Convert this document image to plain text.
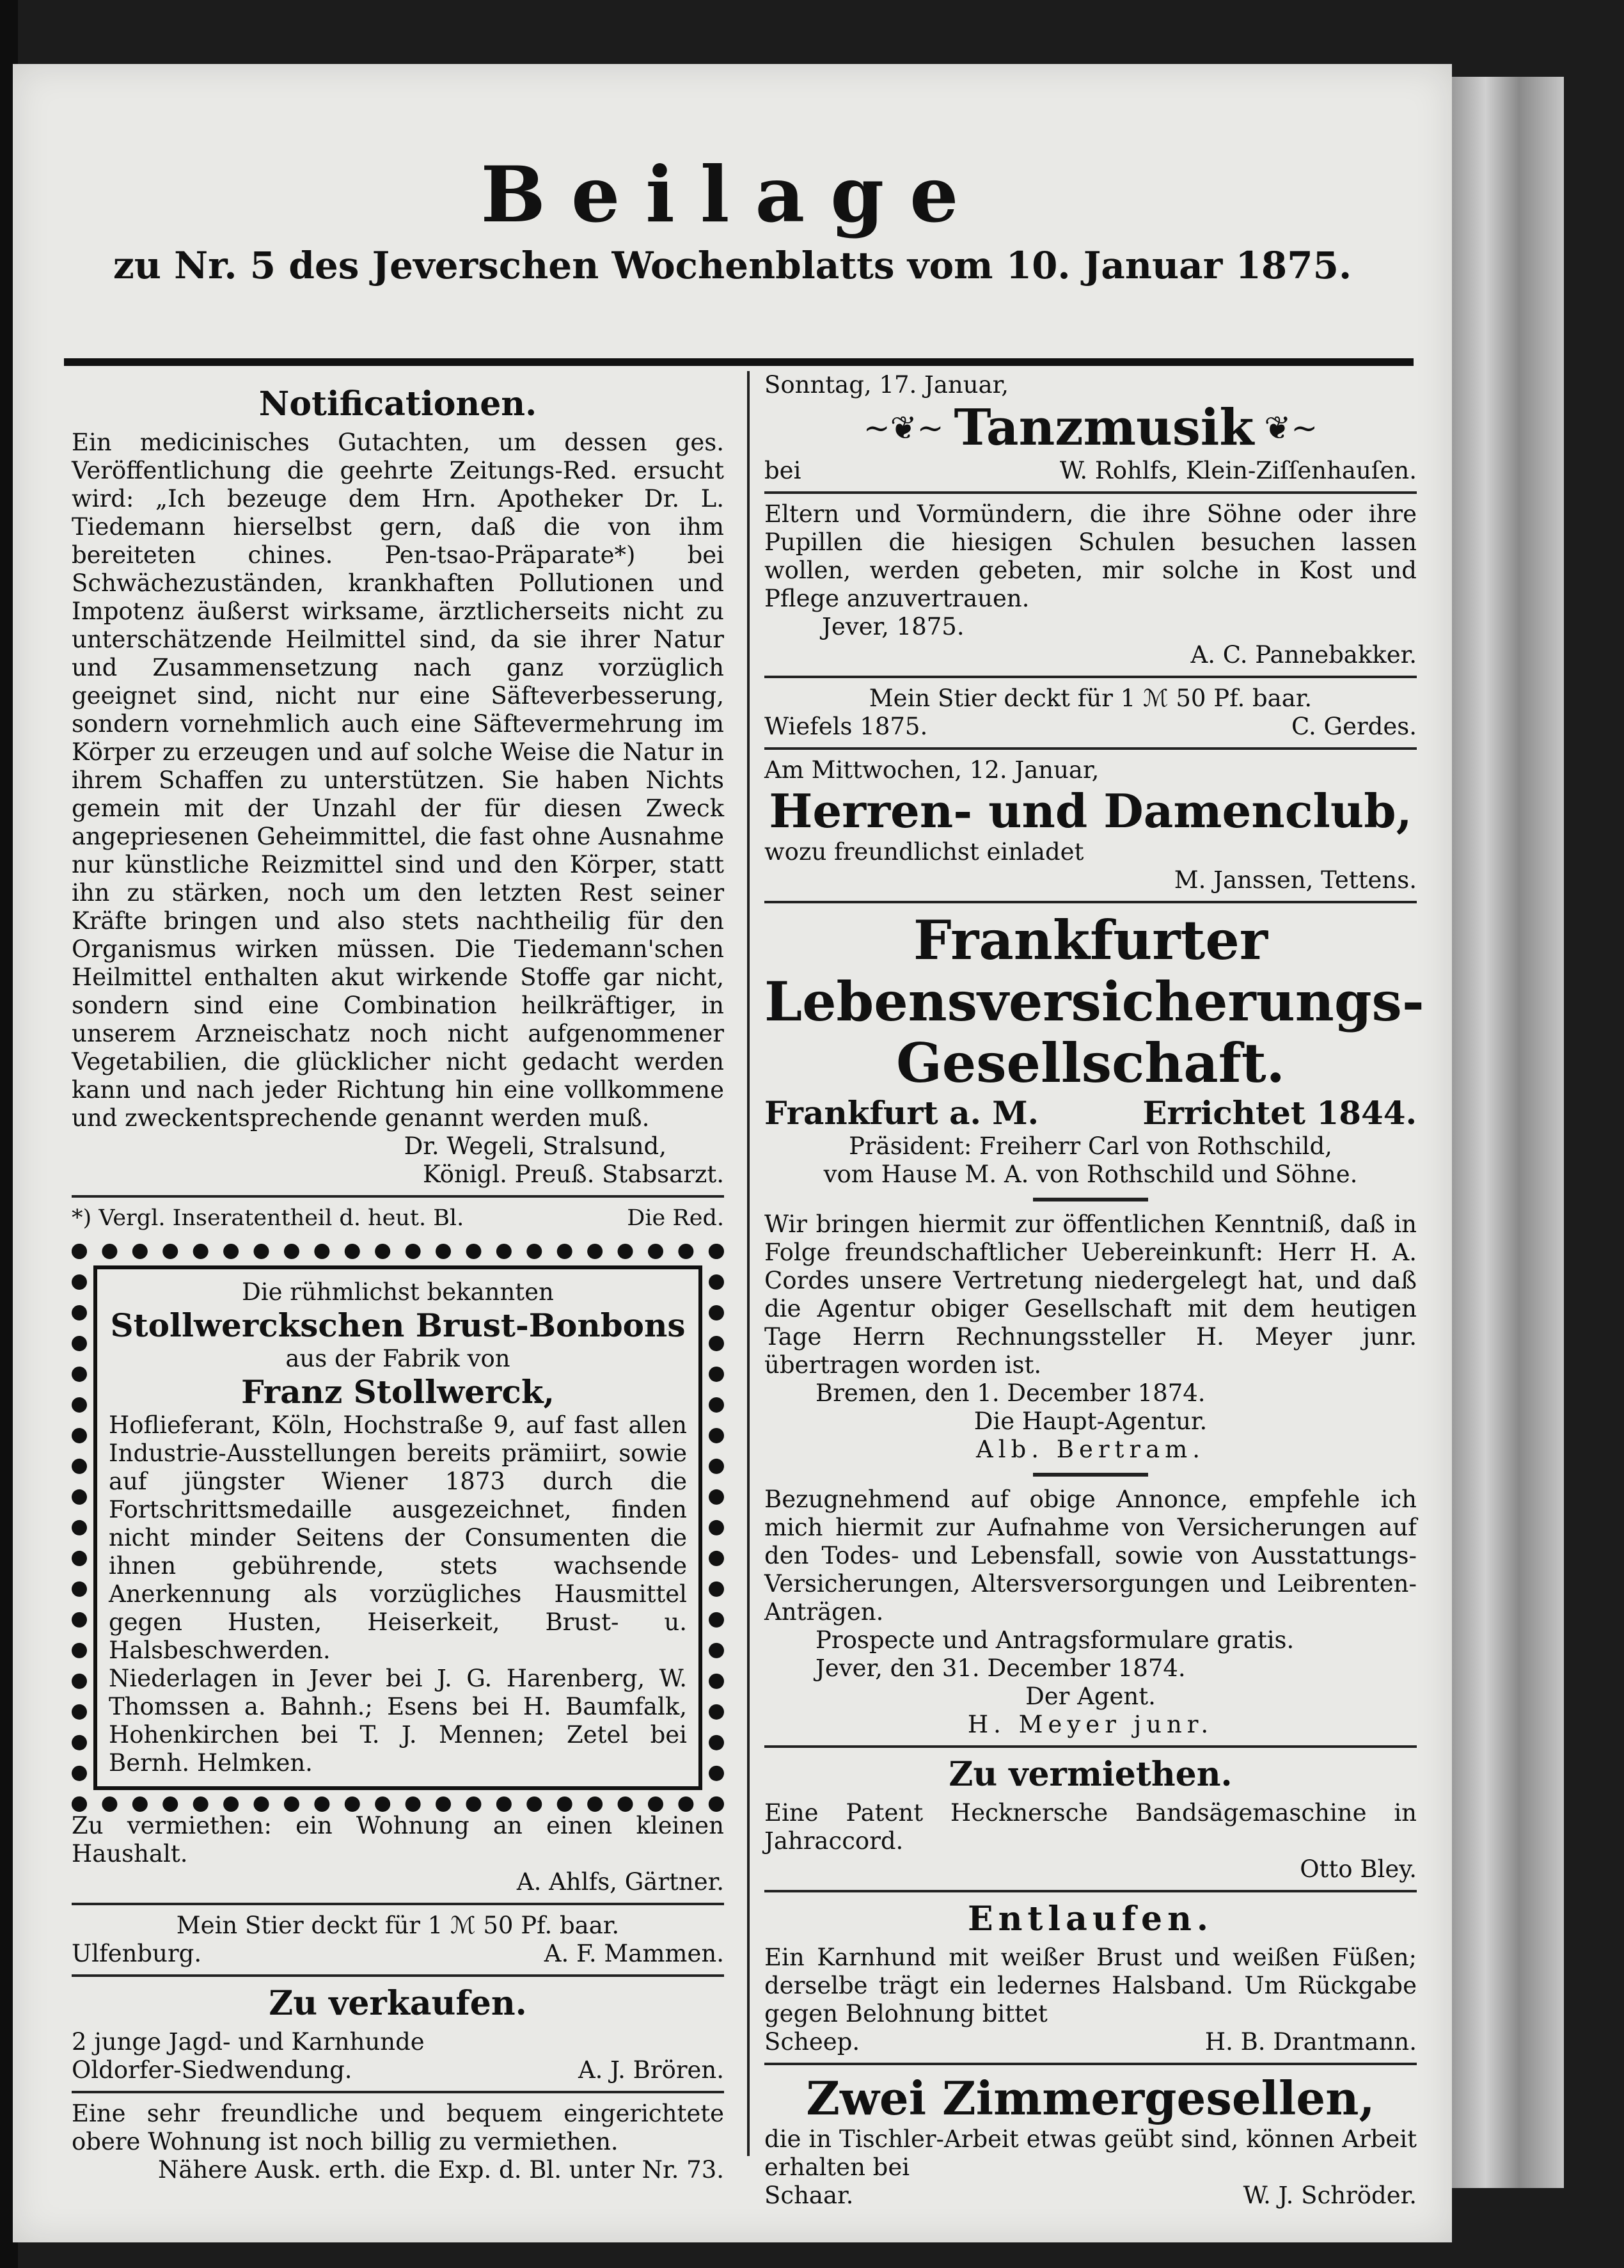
Beilage
zu Nr. 5 des Jeverschen Wochenblatts vom 10. Januar 1875.
Notificationen.
Ein medicinisches Gutachten, um dessen ges. Veröffentlichung die geehrte Zeitungs-Red. ersucht wird: „Ich bezeuge dem Hrn. Apotheker Dr. L. Tiedemann hierselbst gern, daß die von ihm bereiteten chines. Pen-tsao-Präparate*) bei Schwächezuständen, krankhaften Pollutionen und Impotenz äußerst wirksame, ärztlicherseits nicht zu unterschätzende Heilmittel sind, da sie ihrer Natur und Zusammensetzung nach ganz vorzüglich geeignet sind, nicht nur eine Säfteverbesserung, sondern vornehmlich auch eine Säftevermehrung im Körper zu erzeugen und auf solche Weise die Natur in ihrem Schaffen zu unterstützen. Sie haben Nichts gemein mit der Unzahl der für diesen Zweck angepriesenen Geheimmittel, die fast ohne Ausnahme nur künstliche Reizmittel sind und den Körper, statt ihn zu stärken, noch um den letzten Rest seiner Kräfte bringen und also stets nachtheilig für den Organismus wirken müssen. Die Tiedemann'schen Heilmittel enthalten akut wirkende Stoffe gar nicht, sondern sind eine Combination heilkräftiger, in unserem Arzneischatz noch nicht aufgenommener Vegetabilien, die glücklicher nicht gedacht werden kann und nach jeder Richtung hin eine vollkommene und zweckentsprechende genannt werden muß.
Dr. Wegeli, Stralsund,
Königl. Preuß. Stabsarzt.
*) Vergl. Inseratentheil d. heut. Bl.	Die Red.
Die rühmlichst bekannten
Stollwerckschen Brust-Bonbons
aus der Fabrik von
Franz Stollwerck,
Hoflieferant, Köln, Hochstraße 9, auf fast allen Industrie-Ausstellungen bereits prämiirt, sowie auf jüngster Wiener 1873 durch die Fortschrittsmedaille ausgezeichnet, finden nicht minder Seitens der Consumenten die ihnen gebührende, stets wachsende Anerkennung als vorzügliches Hausmittel gegen Husten, Heiserkeit, Brust- u. Halsbeschwerden.
Niederlagen in Jever bei J. G. Harenberg, W. Thomssen a. Bahnh.; Esens bei H. Baumfalk, Hohenkirchen bei T. J. Mennen; Zetel bei Bernh. Helmken.
Zu vermiethen: ein Wohnung an einen kleinen Haushalt.
A. Ahlfs, Gärtner.
Mein Stier deckt für 1 ℳ 50 Pf. baar.
Ulfenburg.	A. F. Mammen.
Zu verkaufen.
2 junge Jagd- und Karnhunde
Oldorfer-Siedwendung.	A. J. Brören.
Eine sehr freundliche und bequem eingerichtete obere Wohnung ist noch billig zu vermiethen.
Nähere Ausk. erth. die Exp. d. Bl. unter Nr. 73.
Sonntag, 17. Januar,
~❦~ Tanzmusik ❦~
bei	W. Rohlfs, Klein-Ziſſenhauſen.
Eltern und Vormündern, die ihre Söhne oder ihre Pupillen die hiesigen Schulen besuchen lassen wollen, werden gebeten, mir solche in Kost und Pflege anzuvertrauen.
Jever, 1875.
A. C. Pannebakker.
Mein Stier deckt für 1 ℳ 50 Pf. baar.
Wiefels 1875.	C. Gerdes.
Am Mittwochen, 12. Januar,
Herren- und Damenclub,
wozu freundlichst einladet
M. Janssen, Tettens.
Frankfurter Lebensversicherungs-Gesellschaft.
Frankfurt a. M.	Errichtet 1844.
Präsident: Freiherr Carl von Rothschild,
vom Hause M. A. von Rothschild und Söhne.
Wir bringen hiermit zur öffentlichen Kenntniß, daß in Folge freundschaftlicher Uebereinkunft: Herr H. A. Cordes unsere Vertretung niedergelegt hat, und daß die Agentur obiger Gesellschaft mit dem heutigen Tage Herrn Rechnungssteller H. Meyer junr. übertragen worden ist.
Bremen, den 1. December 1874.
Die Haupt-Agentur.
Alb. Bertram.
Bezugnehmend auf obige Annonce, empfehle ich mich hiermit zur Aufnahme von Versicherungen auf den Todes- und Lebensfall, sowie von Ausstattungs-Versicherungen, Altersversorgungen und Leibrenten-Anträgen.
Prospecte und Antragsformulare gratis.
Jever, den 31. December 1874.
Der Agent.
H. Meyer junr.
Zu vermiethen.
Eine Patent Hecknersche Bandsägemaschine in Jahraccord.
Otto Bley.
Entlaufen.
Ein Karnhund mit weißer Brust und weißen Füßen; derselbe trägt ein ledernes Halsband. Um Rückgabe gegen Belohnung bittet
Scheep.	H. B. Drantmann.
Zwei Zimmergesellen,
die in Tischler-Arbeit etwas geübt sind, können Arbeit erhalten bei
Schaar.	W. J. Schröder.
